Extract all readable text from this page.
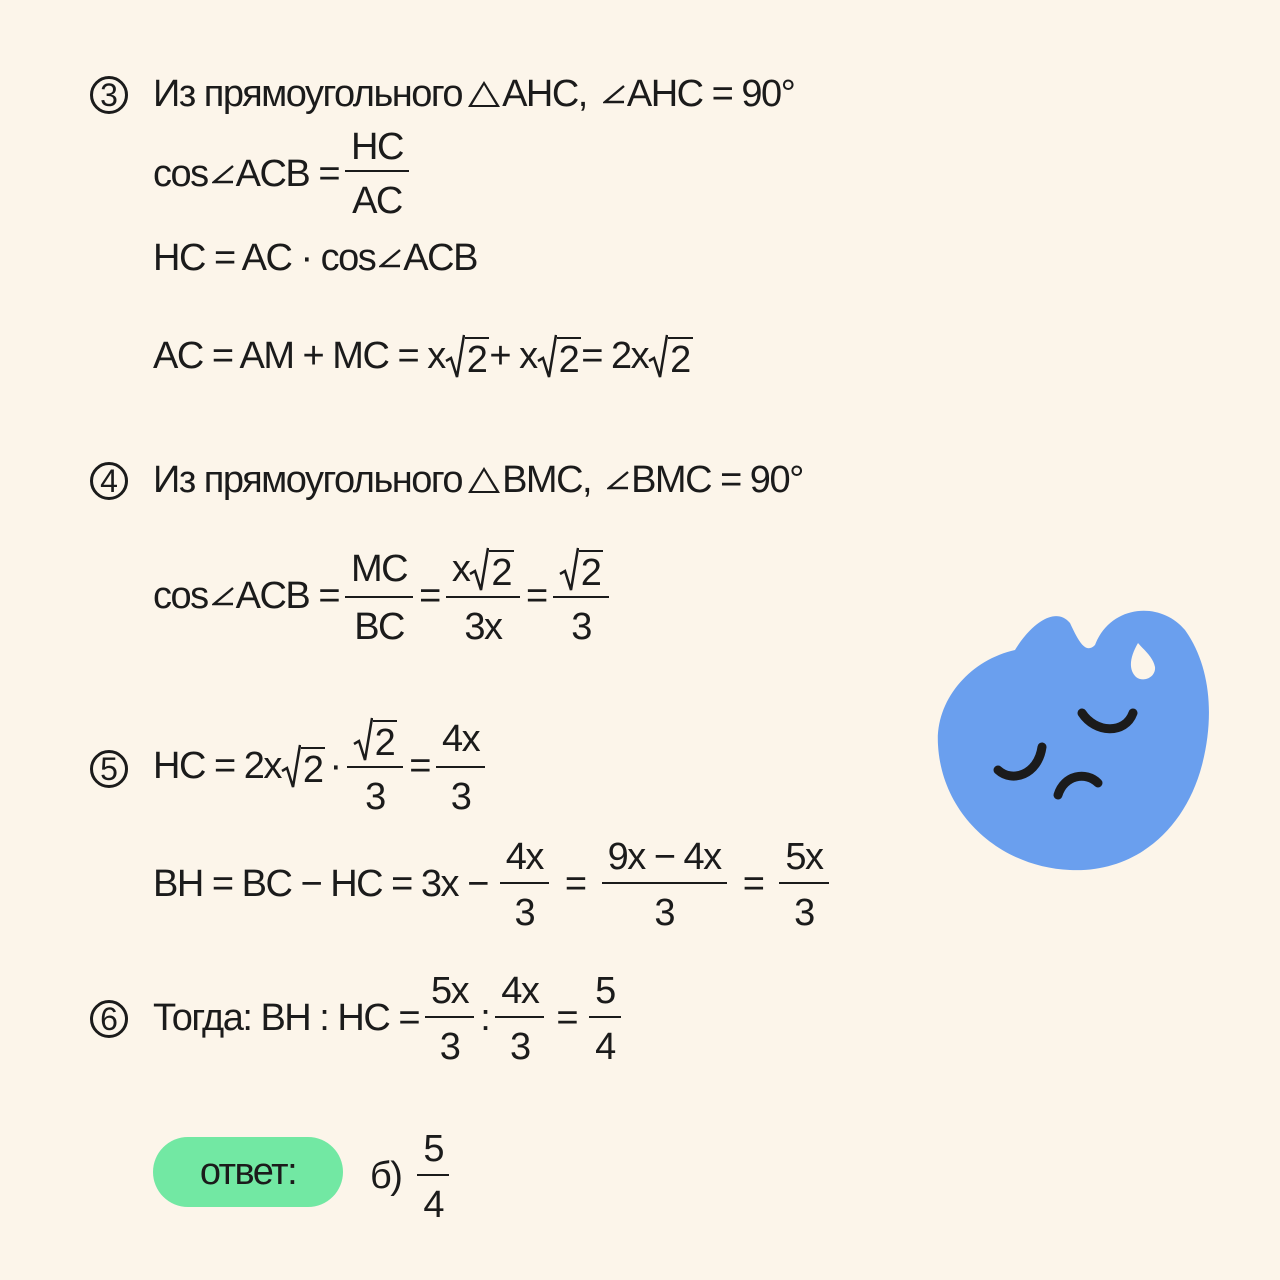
3 Из прямоугольного AHC, AHC = 90°
cos ACB = $\frac{HC}{AC}$
HC = AC · cos ACB
AC = AM + MC = x 2 + x 2 = 2x 2
4 Из прямоугольного BMC, BMC = 90°
cos ACB = $\frac{MC}{BC} = \frac{x 2}{3x} = \frac{2}{3}$
5 HC = 2x $2 \cdot \frac{2}{3} = \frac{4x}{3}$
BH = BC − HC = $3x - \frac{4x}{3} = \frac{9x - 4x}{3} = \frac{5x}{3}$
6 Тогда: BH : HC = $\frac{5x}{3}$ : $\frac{4x}{3} = \frac{5}{4}$
ответ: $б) \frac{5}{4}$
